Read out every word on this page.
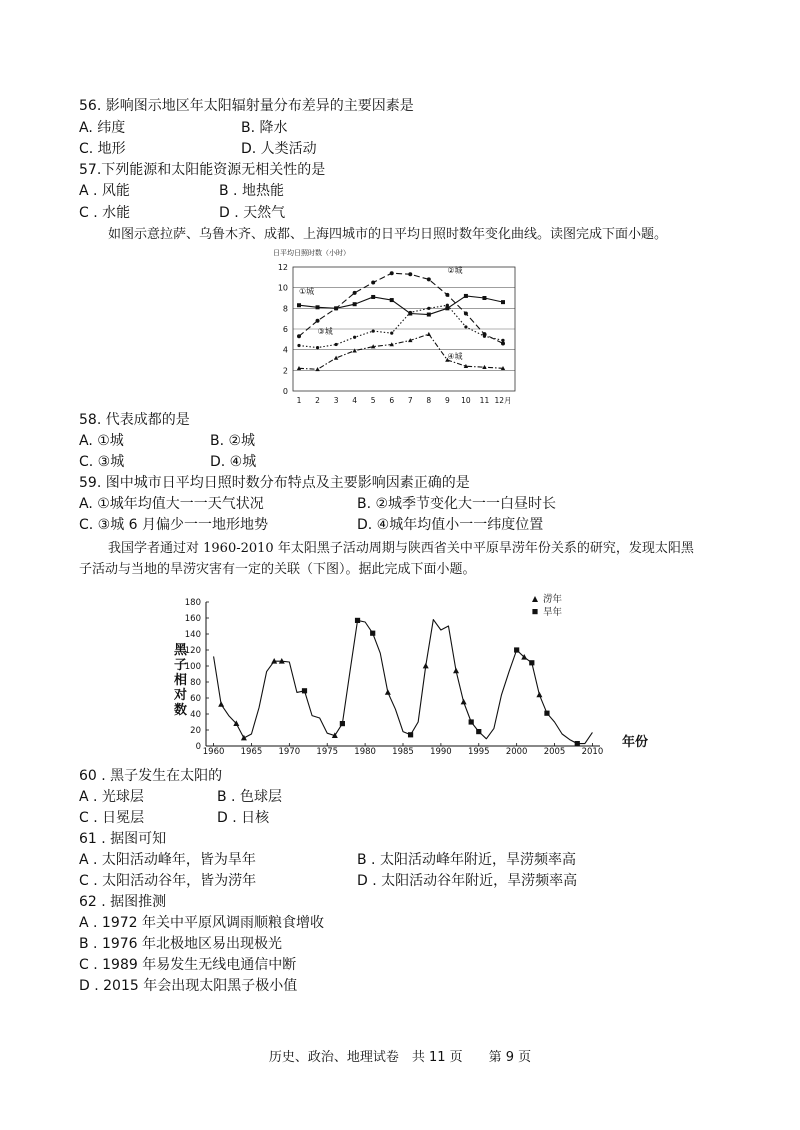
56. 影响图示地区年太阳辐射量分布差异的主要因素是
A. 纬度	B. 降水
C. 地形	D. 人类活动
57.下列能源和太阳能资源无相关性的是
A . 风能	B . 地热能
C . 水能	D . 天然气
如图示意拉萨、乌鲁木齐、成都、上海四城市的日平均日照时数年变化曲线。读图完成下面小题。
日平均日照时数（小时）
0
2
4
6
8
10
12
1 2 3 4 5 6 7 8 9 10 11 12月
①城
②城
③城
④城
58. 代表成都的是
A. ①城	B. ②城
C. ③城	D. ④城
59. 图中城市日平均日照时数分布特点及主要影响因素正确的是
A. ①城年均值大一一天气状况	B. ②城季节变化大一一白昼时长
C. ③城 6 月偏少一一地形地势	D. ④城年均值小一一纬度位置
我国学者通过对 1960-2010 年太阳黑子活动周期与陕西省关中平原旱涝年份关系的研究，发现太阳黑
子活动与当地的旱涝灾害有一定的关联（下图）。据此完成下面小题。
黑
子
相
对
数
0
20
40
60
80
100
120
140
160
180
1960 1965 1970 1975 1980 1985 1990 1995 2000 2005 2010
涝年
旱年
年份
60 . 黑子发生在太阳的
A . 光球层	B . 色球层
C . 日冕层	D . 日核
61 . 据图可知
A . 太阳活动峰年，皆为旱年	B . 太阳活动峰年附近，旱涝频率高
C . 太阳活动谷年，皆为涝年	D . 太阳活动谷年附近，旱涝频率高
62 . 据图推测
A . 1972 年关中平原风调雨顺粮食增收
B . 1976 年北极地区易出现极光
C . 1989 年易发生无线电通信中断
D . 2015 年会出现太阳黑子极小值
历史、政治、地理试卷　共 11 页　　第 9 页
